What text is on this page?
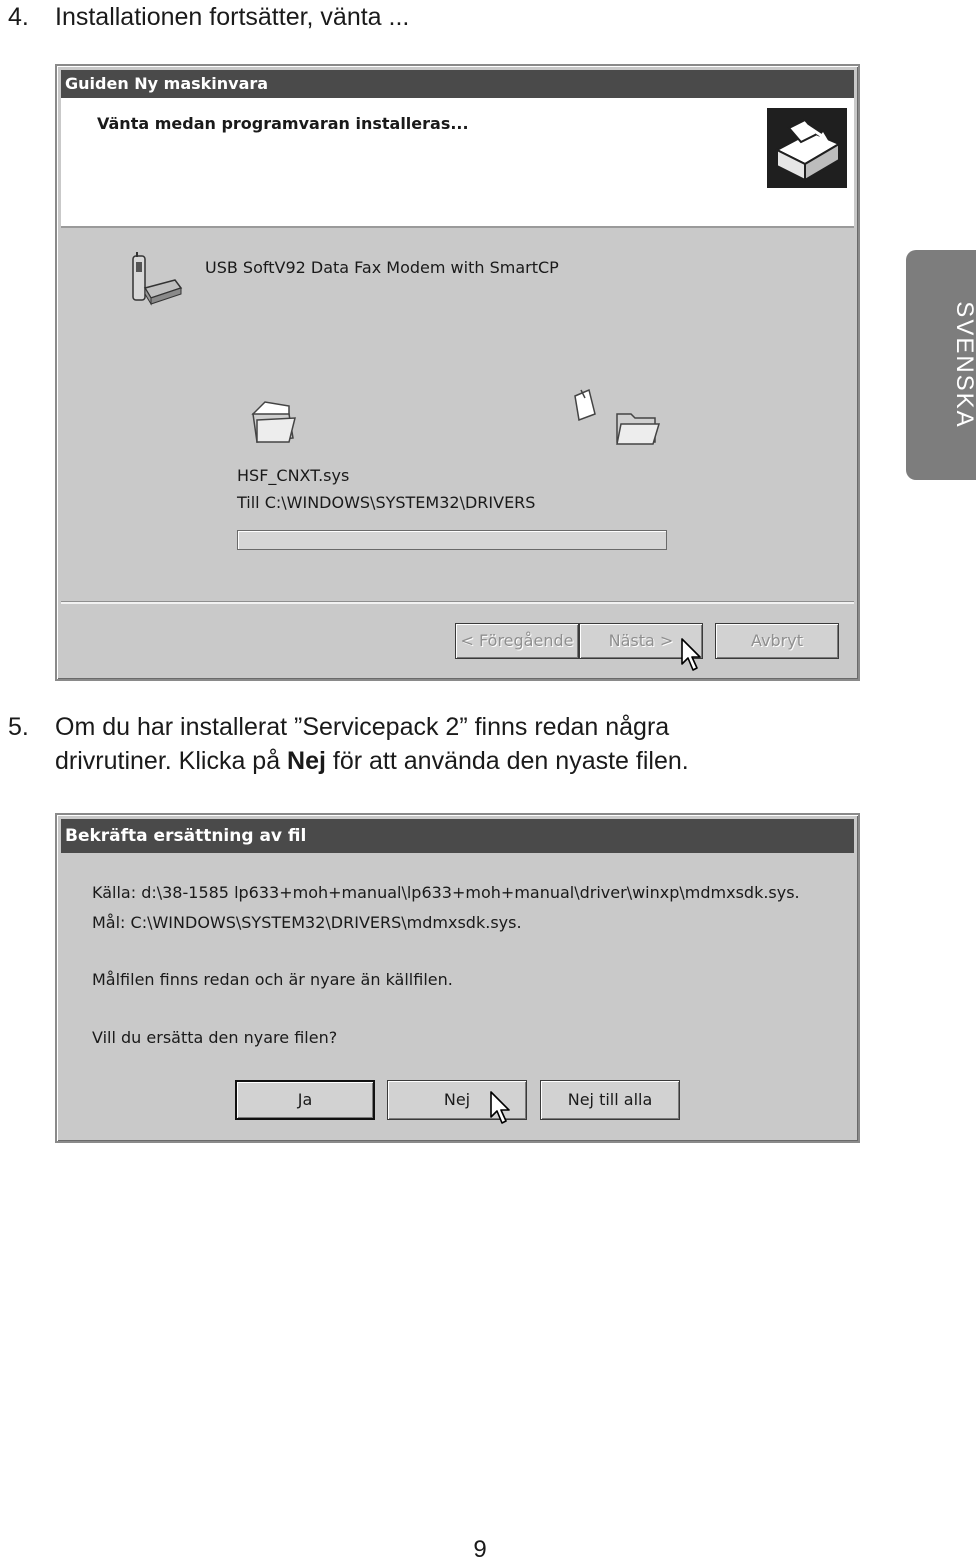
4. Installationen fortsätter, vänta ...
Guiden Ny maskinvara
Vänta medan programvaran installeras...
USB SoftV92 Data Fax Modem with SmartCP
HSF_CNXT.sys
Till C:\WINDOWS\SYSTEM32\DRIVERS
< Föregående	Nästa >	Avbryt
SVENSKA
5. Om du har installerat ”Servicepack 2” finns redan några
drivrutiner. Klicka på Nej för att använda den nyaste filen.
Bekräfta ersättning av fil
Källa: d:\38-1585 lp633+moh+manual\lp633+moh+manual\driver\winxp\mdmxsdk.sys.
Mål: C:\WINDOWS\SYSTEM32\DRIVERS\mdmxsdk.sys.
Målfilen finns redan och är nyare än källfilen.
Vill du ersätta den nyare filen?
Ja	Nej	Nej till alla
9
